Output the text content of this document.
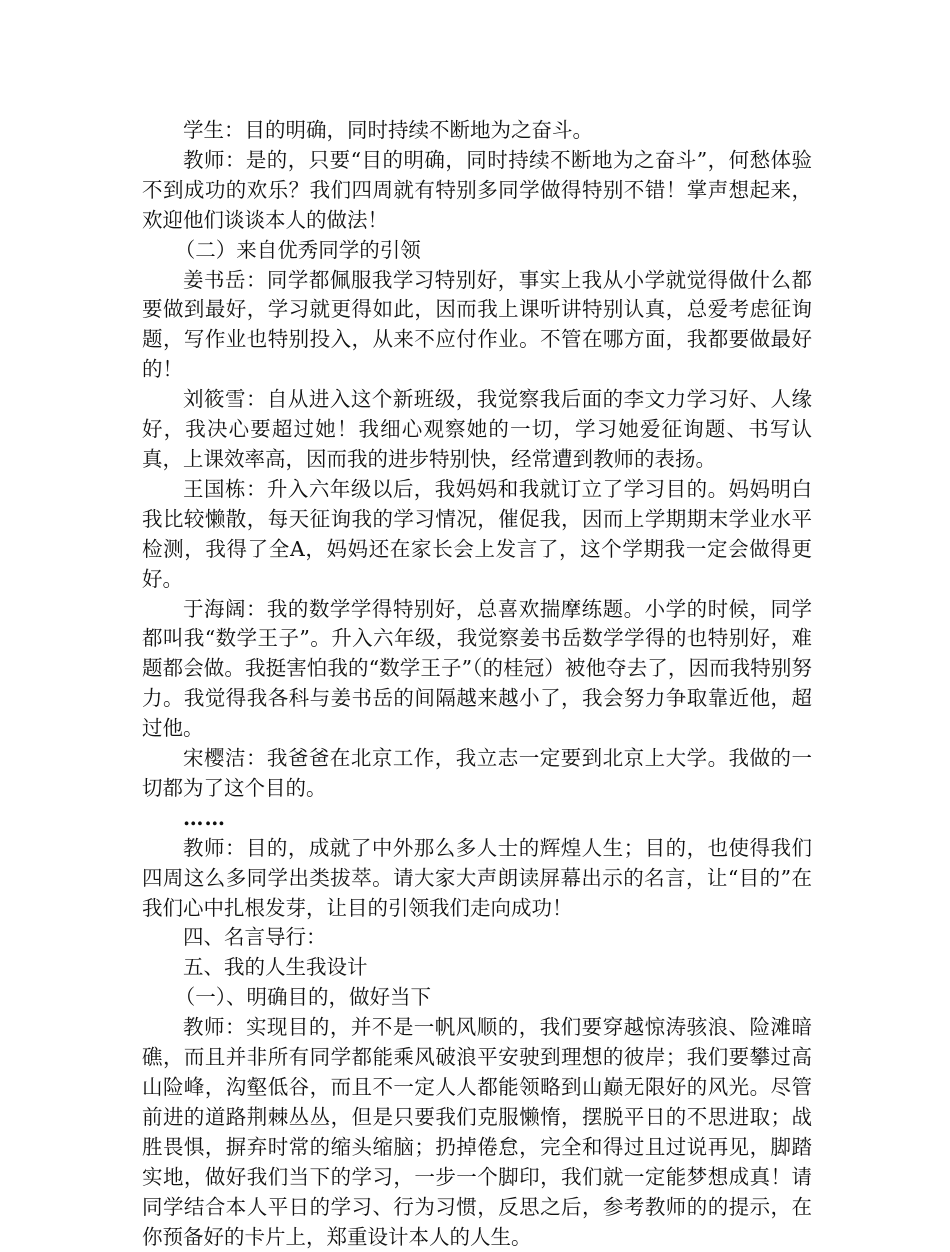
学生：目的明确，同时持续不断地为之奋斗。

教师：是的，只要“目的明确，同时持续不断地为之奋斗”，何愁体验不到成功的欢乐？我们四周就有特别多同学做得特别不错！掌声想起来，欢迎他们谈谈本人的做法！

（二）来自优秀同学的引领

姜书岳：同学都佩服我学习特别好，事实上我从小学就觉得做什么都要做到最好，学习就更得如此，因而我上课听讲特别认真，总爱考虑征询题，写作业也特别投入，从来不应付作业。不管在哪方面，我都要做最好的！

刘筱雪：自从进入这个新班级，我觉察我后面的李文力学习好、人缘好，我决心要超过她！我细心观察她的一切，学习她爱征询题、书写认真，上课效率高，因而我的进步特别快，经常遭到教师的表扬。

王国栋：升入六年级以后，我妈妈和我就订立了学习目的。妈妈明白我比较懒散，每天征询我的学习情况，催促我，因而上学期期末学业水平检测，我得了全A，妈妈还在家长会上发言了，这个学期我一定会做得更好。

于海阔：我的数学学得特别好，总喜欢揣摩练题。小学的时候，同学都叫我“数学王子”。升入六年级，我觉察姜书岳数学学得的也特别好，难题都会做。我挺害怕我的“数学王子”（的桂冠）被他夺去了，因而我特别努力。我觉得我各科与姜书岳的间隔越来越小了，我会努力争取靠近他，超过他。

宋樱洁：我爸爸在北京工作，我立志一定要到北京上大学。我做的一切都为了这个目的。

……

教师：目的，成就了中外那么多人士的辉煌人生；目的，也使得我们四周这么多同学出类拔萃。请大家大声朗读屏幕出示的名言，让“目的”在我们心中扎根发芽，让目的引领我们走向成功！

四、名言导行：

五、我的人生我设计

（一）、明确目的，做好当下

教师：实现目的，并不是一帆风顺的，我们要穿越惊涛骇浪、险滩暗礁，而且并非所有同学都能乘风破浪平安驶到理想的彼岸；我们要攀过高山险峰，沟壑低谷，而且不一定人人都能领略到山巅无限好的风光。尽管前进的道路荆棘丛丛，但是只要我们克服懒惰，摆脱平日的不思进取；战胜畏惧，摒弃时常的缩头缩脑；扔掉倦怠，完全和得过且过说再见，脚踏实地，做好我们当下的学习，一步一个脚印，我们就一定能梦想成真！请同学结合本人平日的学习、行为习惯，反思之后，参考教师的的提示，在你预备好的卡片上，郑重设计本人的人生。
